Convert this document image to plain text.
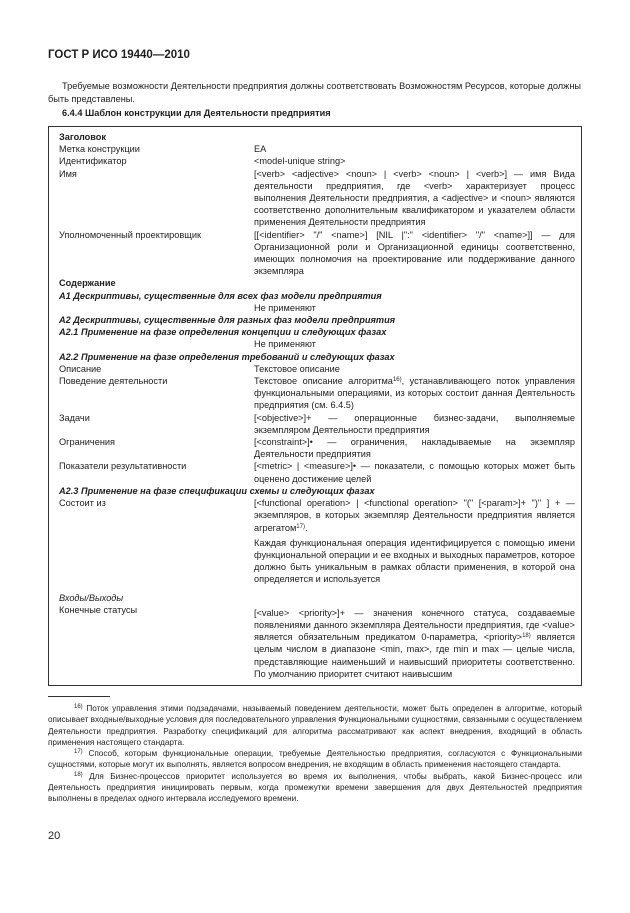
ГОСТ Р ИСО 19440—2010

Требуемые возможности Деятельности предприятия должны соответствовать Возможностям Ресурсов, которые должны быть представлены.

6.4.4 Шаблон конструкции для Деятельности предприятия

Заголовок	
Метка конструкции	EA
Идентификатор	<model-unique string>
Имя	[<verb> <adjective> <noun> | <verb> <noun> | <verb>] — имя Вида деятельности предприятия, где <verb> характеризует процесс выполнения Деятельности предприятия, а <adjective> и <noun> являются соответственно дополнительным квалификатором и указателем области применения Деятельности предприятия
Уполномоченный проектировщик	[[<identifier> "/" <name>] [NIL |":" <identifier> "/" <name>]] — для Организационной роли и Организационной единицы соответственно, имеющих полномочия на проектирование или поддерживание данного экземпляра
Содержание	
A1 Дескриптивы, существенные для всех фаз модели предприятия	
	Не применяют
A2 Дескриптивы, существенные для разных фаз модели предприятия	
A2.1 Применение на фазе определения концепции и следующих фазах	
	Не применяют
A2.2 Применение на фазе определения требований и следующих фазах	
Описание	Текстовое описание
Поведение деятельности	Текстовое описание алгоритма$^{16)}$, устанавливающего поток управления функциональными операциями, из которых состоит данная Деятельность предприятия (см. 6.4.5)
Задачи	[<objective>]+ — операционные бизнес-задачи, выполняемые экземпляром Деятельности предприятия
Ограничения	[<constraint>]• — ограничения, накладываемые на экземпляр Деятельности предприятия
Показатели результативности	[<metric> | <measure>]• — показатели, с помощью которых может быть оценено достижение целей
A2.3 Применение на фазе спецификации схемы и следующих фазах	
Состоит из	[<functional operation> | <functional operation> "(" [<param>]+ ")" ] + — экземпляров, в которых экземпляр Деятельности предприятия является агрегатом$^{17)}$.
	Каждая функциональная операция идентифицируется с помощью имени функциональной операции и ее входных и выходных параметров, которое должно быть уникальным в рамках области применения, в которой она определяется и используется
Входы/Выходы	
Конечные статусы	[<value> <priority>]+ — значения конечного статуса, создаваемые появлениями данного экземпляра Деятельности предприятия, где <value> является обязательным предикатом 0-параметра, <priority>$^{18)}$ является целым числом в диапазоне <min, max>, где min и max — целые числа, представляющие наименьший и наивысший приоритеты соответственно. По умолчанию приоритет считают наивысшим

$^{16)}$ Поток управления этими подзадачами, называемый поведением деятельности, может быть определен в алгоритме, который описывает входные/выходные условия для последовательного управления Функциональными сущностями, связанными с осуществлением Деятельности предприятия. Разработку спецификаций для алгоритма рассматривают как аспект внедрения, входящий в область применения настоящего стандарта.

$^{17)}$ Способ, которым функциональные операции, требуемые Деятельностью предприятия, согласуются с Функциональными сущностями, которые могут их выполнять, является вопросом внедрения, не входящим в область применения настоящего стандарта.

$^{18)}$ Для Бизнес-процессов приоритет используется во время их выполнения, чтобы выбрать, какой Бизнес-процесс или Деятельность предприятия инициировать первым, когда промежутки времени завершения для двух Деятельностей предприятия выполнены в пределах одного интервала исследуемого времени.

20
